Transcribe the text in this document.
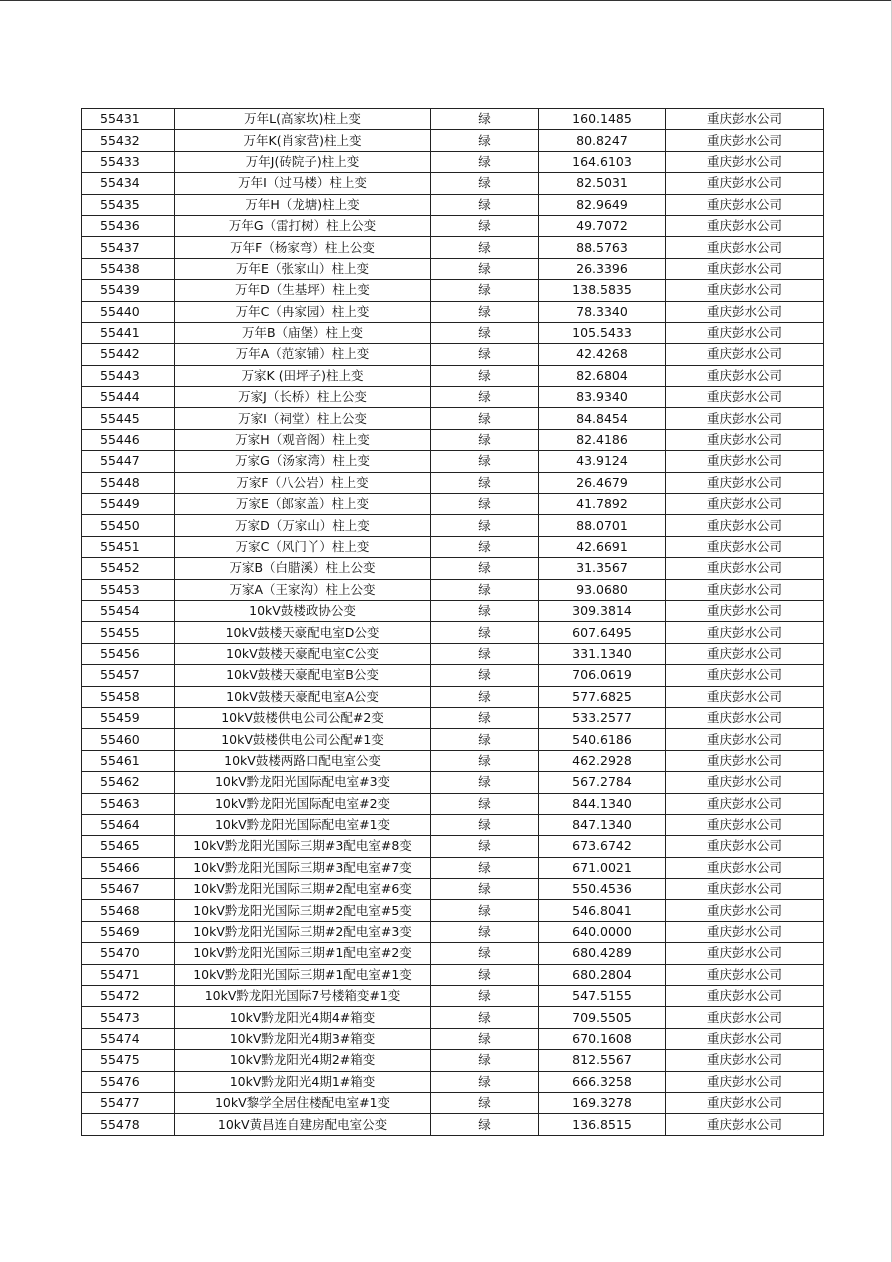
55431	万年L(高家坎)柱上变	绿	160.1485	重庆彭水公司
55432	万年K(肖家营)柱上变	绿	80.8247	重庆彭水公司
55433	万年J(砖院子)柱上变	绿	164.6103	重庆彭水公司
55434	万年I（过马楼）柱上变	绿	82.5031	重庆彭水公司
55435	万年H（龙塘)柱上变	绿	82.9649	重庆彭水公司
55436	万年G（雷打树）柱上公变	绿	49.7072	重庆彭水公司
55437	万年F（杨家弯）柱上公变	绿	88.5763	重庆彭水公司
55438	万年E（张家山）柱上变	绿	26.3396	重庆彭水公司
55439	万年D（生基坪）柱上变	绿	138.5835	重庆彭水公司
55440	万年C（冉家园）柱上变	绿	78.3340	重庆彭水公司
55441	万年B（庙堡）柱上变	绿	105.5433	重庆彭水公司
55442	万年A（范家铺）柱上变	绿	42.4268	重庆彭水公司
55443	万家K (田坪子)柱上变	绿	82.6804	重庆彭水公司
55444	万家J（长桥）柱上公变	绿	83.9340	重庆彭水公司
55445	万家I（祠堂）柱上公变	绿	84.8454	重庆彭水公司
55446	万家H（观音阁）柱上变	绿	82.4186	重庆彭水公司
55447	万家G（汤家湾）柱上变	绿	43.9124	重庆彭水公司
55448	万家F（八公岩）柱上变	绿	26.4679	重庆彭水公司
55449	万家E（郎家盖）柱上变	绿	41.7892	重庆彭水公司
55450	万家D（万家山）柱上变	绿	88.0701	重庆彭水公司
55451	万家C（风门丫）柱上变	绿	42.6691	重庆彭水公司
55452	万家B（白腊溪）柱上公变	绿	31.3567	重庆彭水公司
55453	万家A（王家沟）柱上公变	绿	93.0680	重庆彭水公司
55454	10kV鼓楼政协公变	绿	309.3814	重庆彭水公司
55455	10kV鼓楼天豪配电室D公变	绿	607.6495	重庆彭水公司
55456	10kV鼓楼天豪配电室C公变	绿	331.1340	重庆彭水公司
55457	10kV鼓楼天豪配电室B公变	绿	706.0619	重庆彭水公司
55458	10kV鼓楼天豪配电室A公变	绿	577.6825	重庆彭水公司
55459	10kV鼓楼供电公司公配#2变	绿	533.2577	重庆彭水公司
55460	10kV鼓楼供电公司公配#1变	绿	540.6186	重庆彭水公司
55461	10kV鼓楼两路口配电室公变	绿	462.2928	重庆彭水公司
55462	10kV黔龙阳光国际配电室#3变	绿	567.2784	重庆彭水公司
55463	10kV黔龙阳光国际配电室#2变	绿	844.1340	重庆彭水公司
55464	10kV黔龙阳光国际配电室#1变	绿	847.1340	重庆彭水公司
55465	10kV黔龙阳光国际三期#3配电室#8变	绿	673.6742	重庆彭水公司
55466	10kV黔龙阳光国际三期#3配电室#7变	绿	671.0021	重庆彭水公司
55467	10kV黔龙阳光国际三期#2配电室#6变	绿	550.4536	重庆彭水公司
55468	10kV黔龙阳光国际三期#2配电室#5变	绿	546.8041	重庆彭水公司
55469	10kV黔龙阳光国际三期#2配电室#3变	绿	640.0000	重庆彭水公司
55470	10kV黔龙阳光国际三期#1配电室#2变	绿	680.4289	重庆彭水公司
55471	10kV黔龙阳光国际三期#1配电室#1变	绿	680.2804	重庆彭水公司
55472	10kV黔龙阳光国际7号楼箱变#1变	绿	547.5155	重庆彭水公司
55473	10kV黔龙阳光4期4#箱变	绿	709.5505	重庆彭水公司
55474	10kV黔龙阳光4期3#箱变	绿	670.1608	重庆彭水公司
55475	10kV黔龙阳光4期2#箱变	绿	812.5567	重庆彭水公司
55476	10kV黔龙阳光4期1#箱变	绿	666.3258	重庆彭水公司
55477	10kV黎学全居住楼配电室#1变	绿	169.3278	重庆彭水公司
55478	10kV黄昌连自建房配电室公变	绿	136.8515	重庆彭水公司
